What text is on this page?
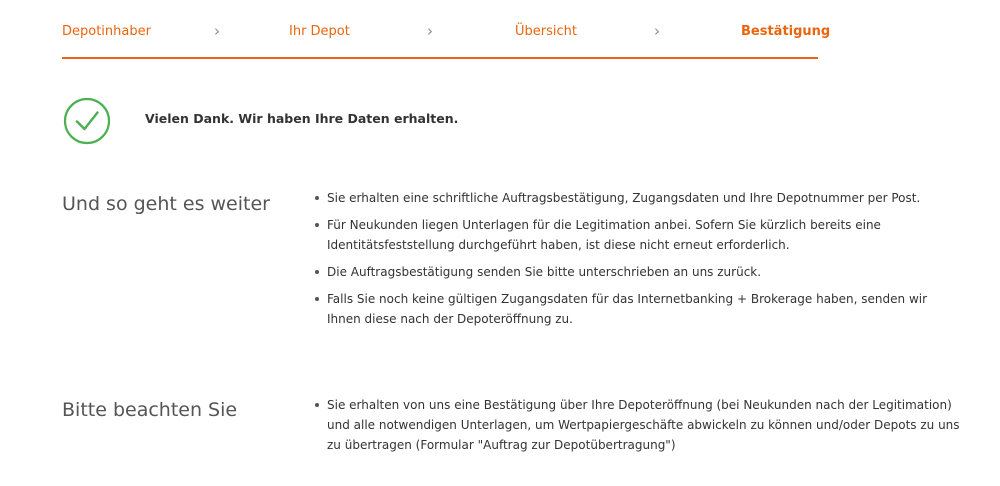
Depotinhaber	›	Ihr Depot	›	Übersicht	›	Bestätigung
Vielen Dank. Wir haben Ihre Daten erhalten.
Und so geht es weiter	Sie erhalten eine schriftliche Auftragsbestätigung, Zugangsdaten und Ihre Depotnummer per Post.
Für Neukunden liegen Unterlagen für die Legitimation anbei. Sofern Sie kürzlich bereits eine Identitätsfeststellung durchgeführt haben, ist diese nicht erneut erforderlich.
Die Auftragsbestätigung senden Sie bitte unterschrieben an uns zurück.
Falls Sie noch keine gültigen Zugangsdaten für das Internetbanking + Brokerage haben, senden wir Ihnen diese nach der Depoteröffnung zu.
Bitte beachten Sie	Sie erhalten von uns eine Bestätigung über Ihre Depoteröffnung (bei Neukunden nach der Legitimation) und alle notwendigen Unterlagen, um Wertpapiergeschäfte abwickeln zu können und/oder Depots zu uns zu übertragen (Formular "Auftrag zur Depotübertragung")
